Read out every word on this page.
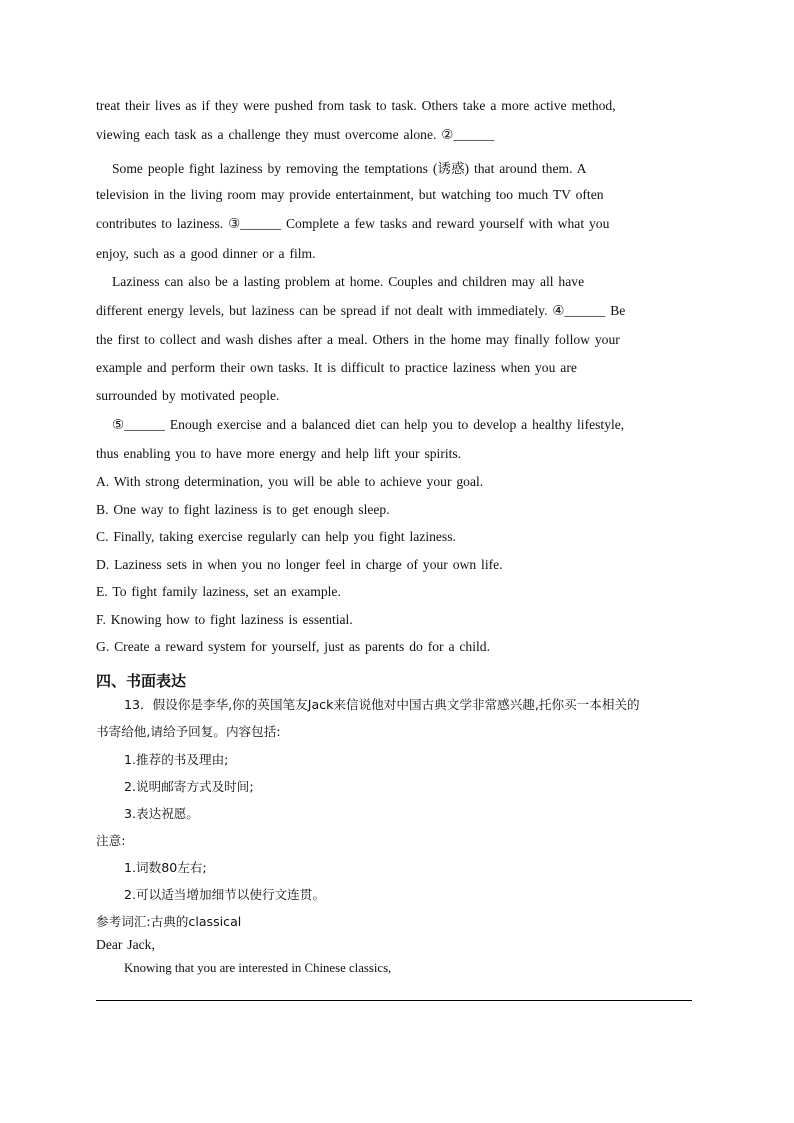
treat their lives as if they were pushed from task to task. Others take a more active method,
viewing each task as a challenge they must overcome alone. ②______
Some people fight laziness by removing the temptations (诱惑) that around them. A
television in the living room may provide entertainment, but watching too much TV often
contributes to laziness. ③______ Complete a few tasks and reward yourself with what you
enjoy, such as a good dinner or a film.
Laziness can also be a lasting problem at home. Couples and children may all have
different energy levels, but laziness can be spread if not dealt with immediately. ④______ Be
the first to collect and wash dishes after a meal. Others in the home may finally follow your
example and perform their own tasks. It is difficult to practice laziness when you are
surrounded by motivated people.
⑤______ Enough exercise and a balanced diet can help you to develop a healthy lifestyle,
thus enabling you to have more energy and help lift your spirits.
A. With strong determination, you will be able to achieve your goal.
B. One way to fight laziness is to get enough sleep.
C. Finally, taking exercise regularly can help you fight laziness.
D. Laziness sets in when you no longer feel in charge of your own life.
E. To fight family laziness, set an example.
F. Knowing how to fight laziness is essential.
G. Create a reward system for yourself, just as parents do for a child.
四、书面表达
13．假设你是李华,你的英国笔友Jack来信说他对中国古典文学非常感兴趣,托你买一本相关的
书寄给他,请给予回复。内容包括:
1.推荐的书及理由;
2.说明邮寄方式及时间;
3.表达祝愿。
注意:
1.词数80左右;
2.可以适当增加细节以使行文连贯。
参考词汇:古典的classical
Dear Jack,
Knowing that you are interested in Chinese classics,
